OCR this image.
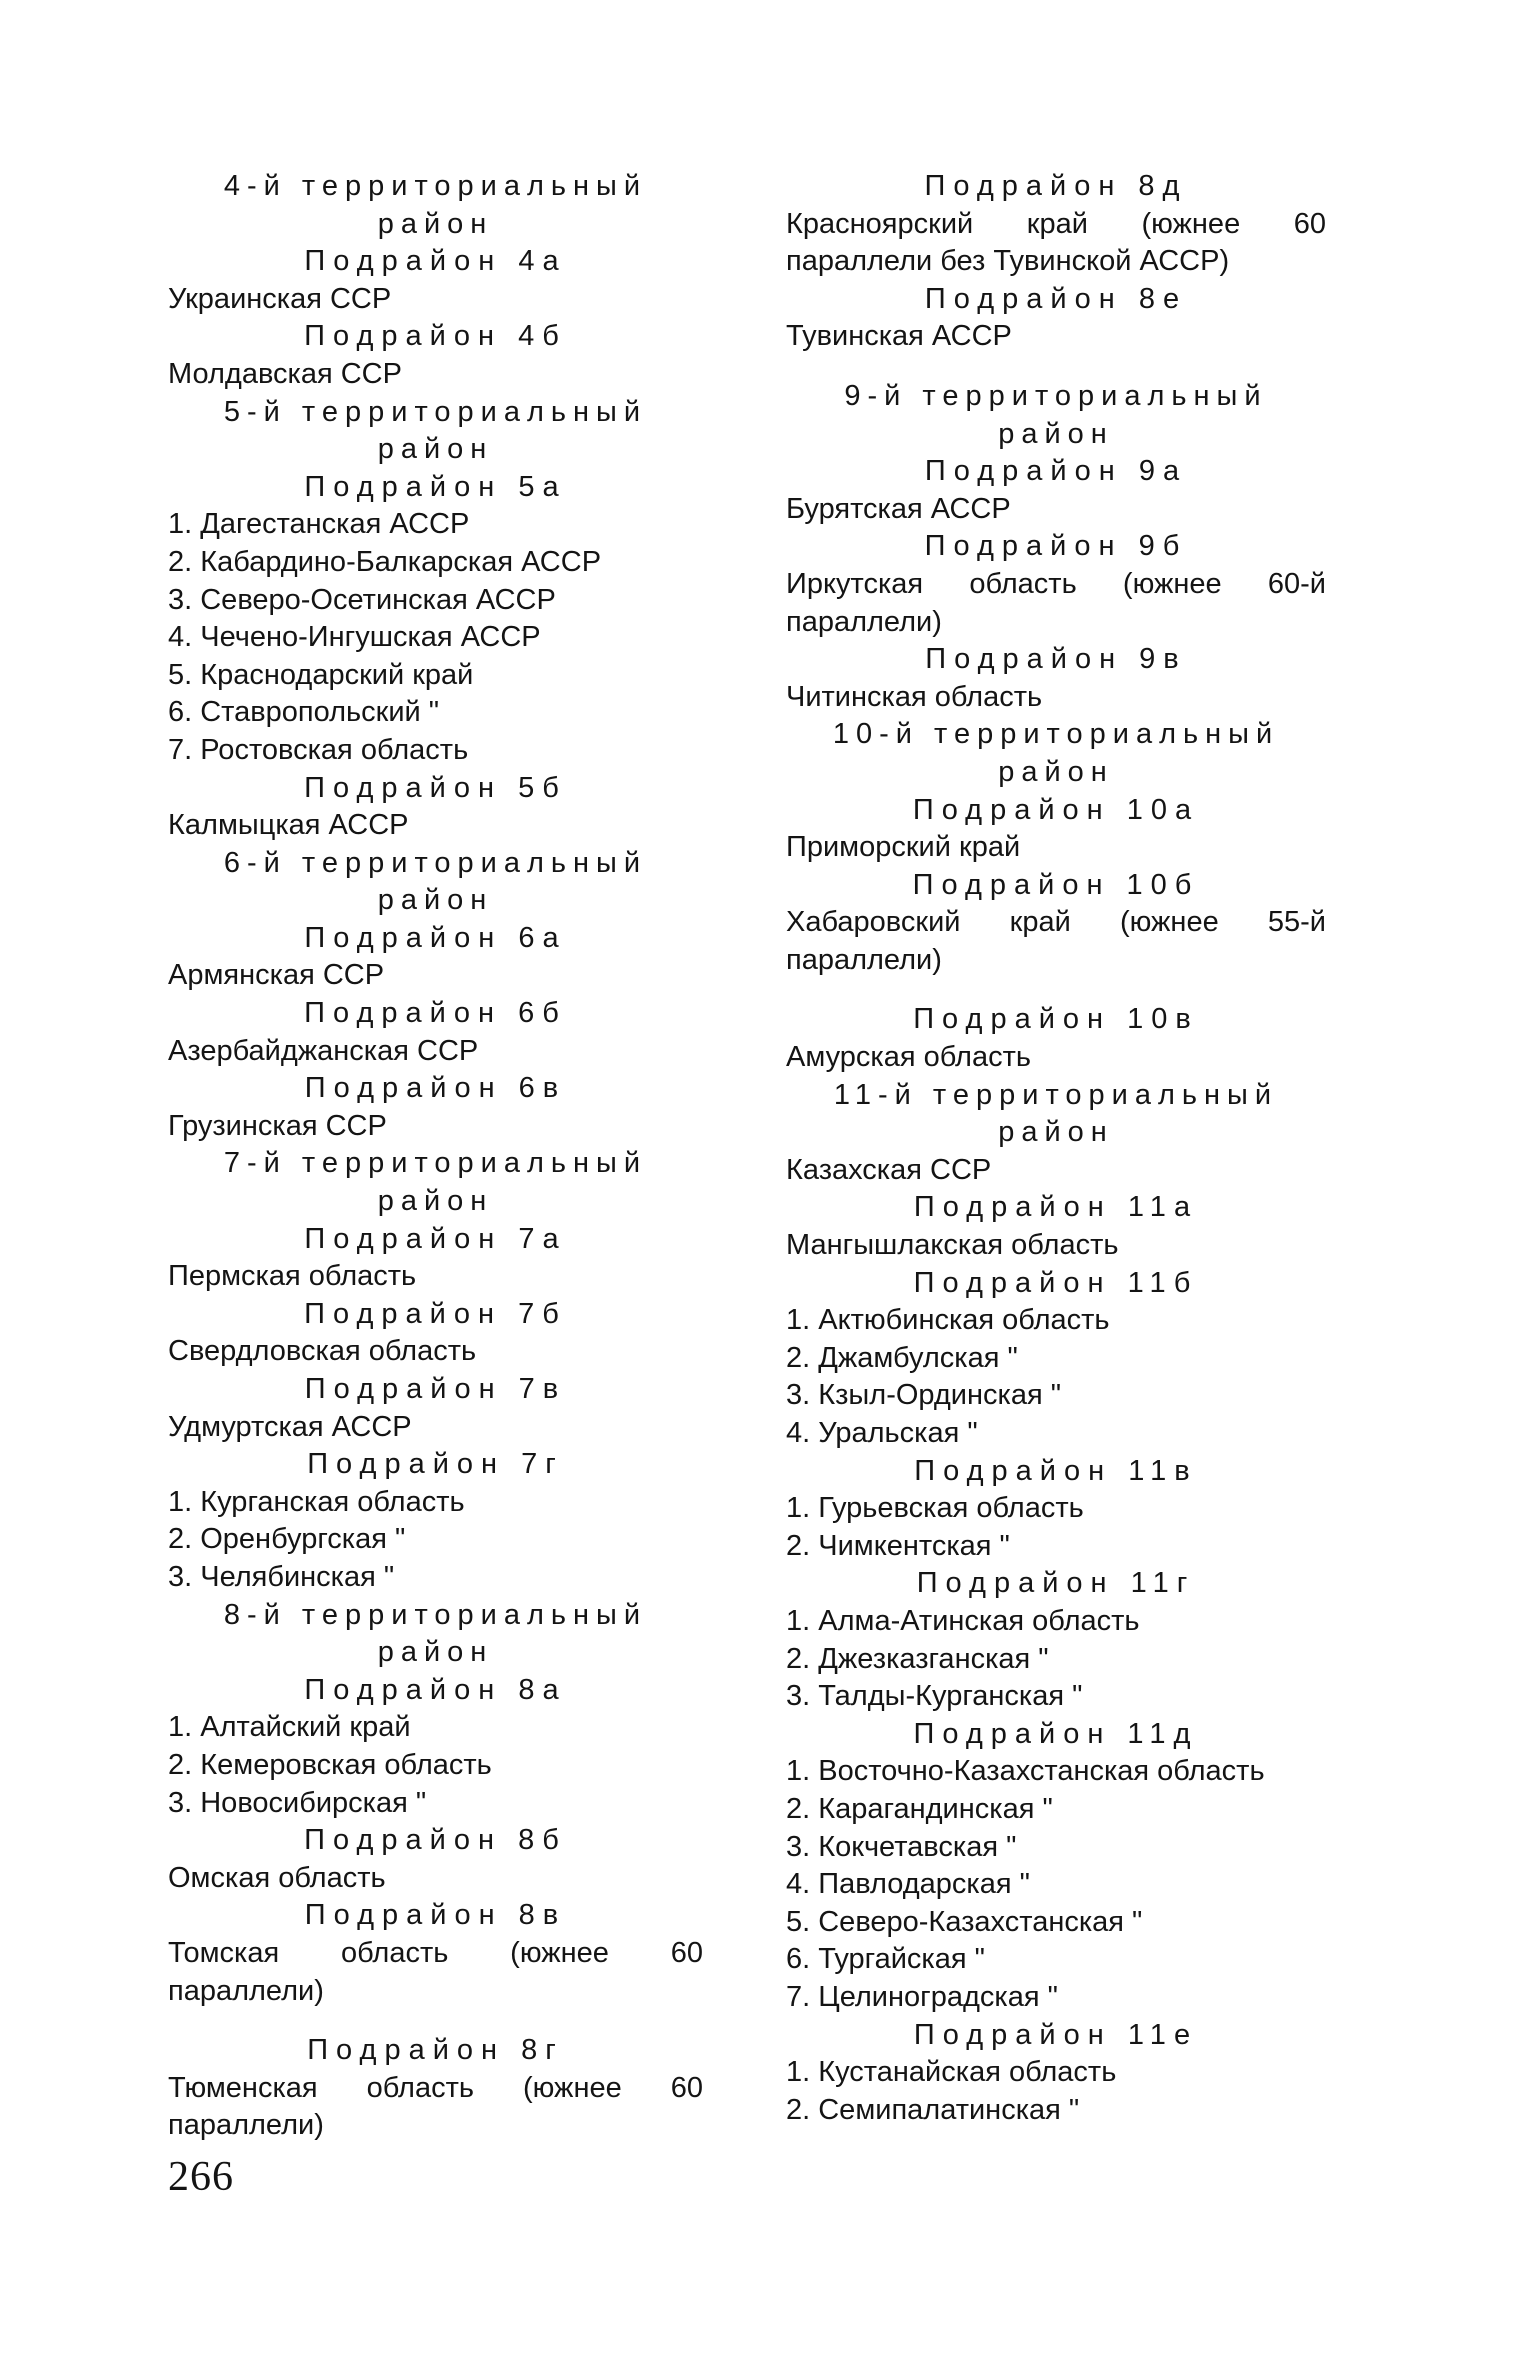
4-й территориальный
район
Подрайон 4а
Украинская ССР
Подрайон 4б
Молдавская ССР
5-й территориальный
район
Подрайон 5а
1. Дагестанская АССР
2. Кабардино-Балкарская АССР
3. Северо-Осетинская АССР
4. Чечено-Ингушская АССР
5. Краснодарский край
6. Ставропольский "
7. Ростовская область
Подрайон 5б
Калмыцкая АССР
6-й территориальный
район
Подрайон 6а
Армянская ССР
Подрайон 6б
Азербайджанская ССР
Подрайон 6в
Грузинская ССР
7-й территориальный
район
Подрайон 7а
Пермская область
Подрайон 7б
Свердловская область
Подрайон 7в
Удмуртская АССР
Подрайон 7г
1. Курганская область
2. Оренбургская "
3. Челябинская "
8-й территориальный
район
Подрайон 8а
1. Алтайский край
2. Кемеровская область
3. Новосибирская "
Подрайон 8б
Омская область
Подрайон 8в
Томская область (южнее 60 параллели)
Подрайон 8г
Тюменская область (южнее 60 параллели)
Подрайон 8д
Красноярский край (южнее 60 параллели без Тувинской АССР)
Подрайон 8е
Тувинская АССР
9-й территориальный
район
Подрайон 9а
Бурятская АССР
Подрайон 9б
Иркутская область (южнее 60-й параллели)
Подрайон 9в
Читинская область
10-й территориальный
район
Подрайон 10а
Приморский край
Подрайон 10б
Хабаровский край (южнее 55-й параллели)
Подрайон 10в
Амурская область
11-й территориальный
район
Казахская ССР
Подрайон 11а
Мангышлакская область
Подрайон 11б
1. Актюбинская область
2. Джамбулская "
3. Кзыл-Ординская "
4. Уральская "
Подрайон 11в
1. Гурьевская область
2. Чимкентская "
Подрайон 11г
1. Алма-Атинская область
2. Джезказганская "
3. Талды-Курганская "
Подрайон 11д
1. Восточно-Казахстанская область
2. Карагандинская "
3. Кокчетавская "
4. Павлодарская "
5. Северо-Казахстанская "
6. Тургайская "
7. Целиноградская "
Подрайон 11е
1. Кустанайская область
2. Семипалатинская "
266
